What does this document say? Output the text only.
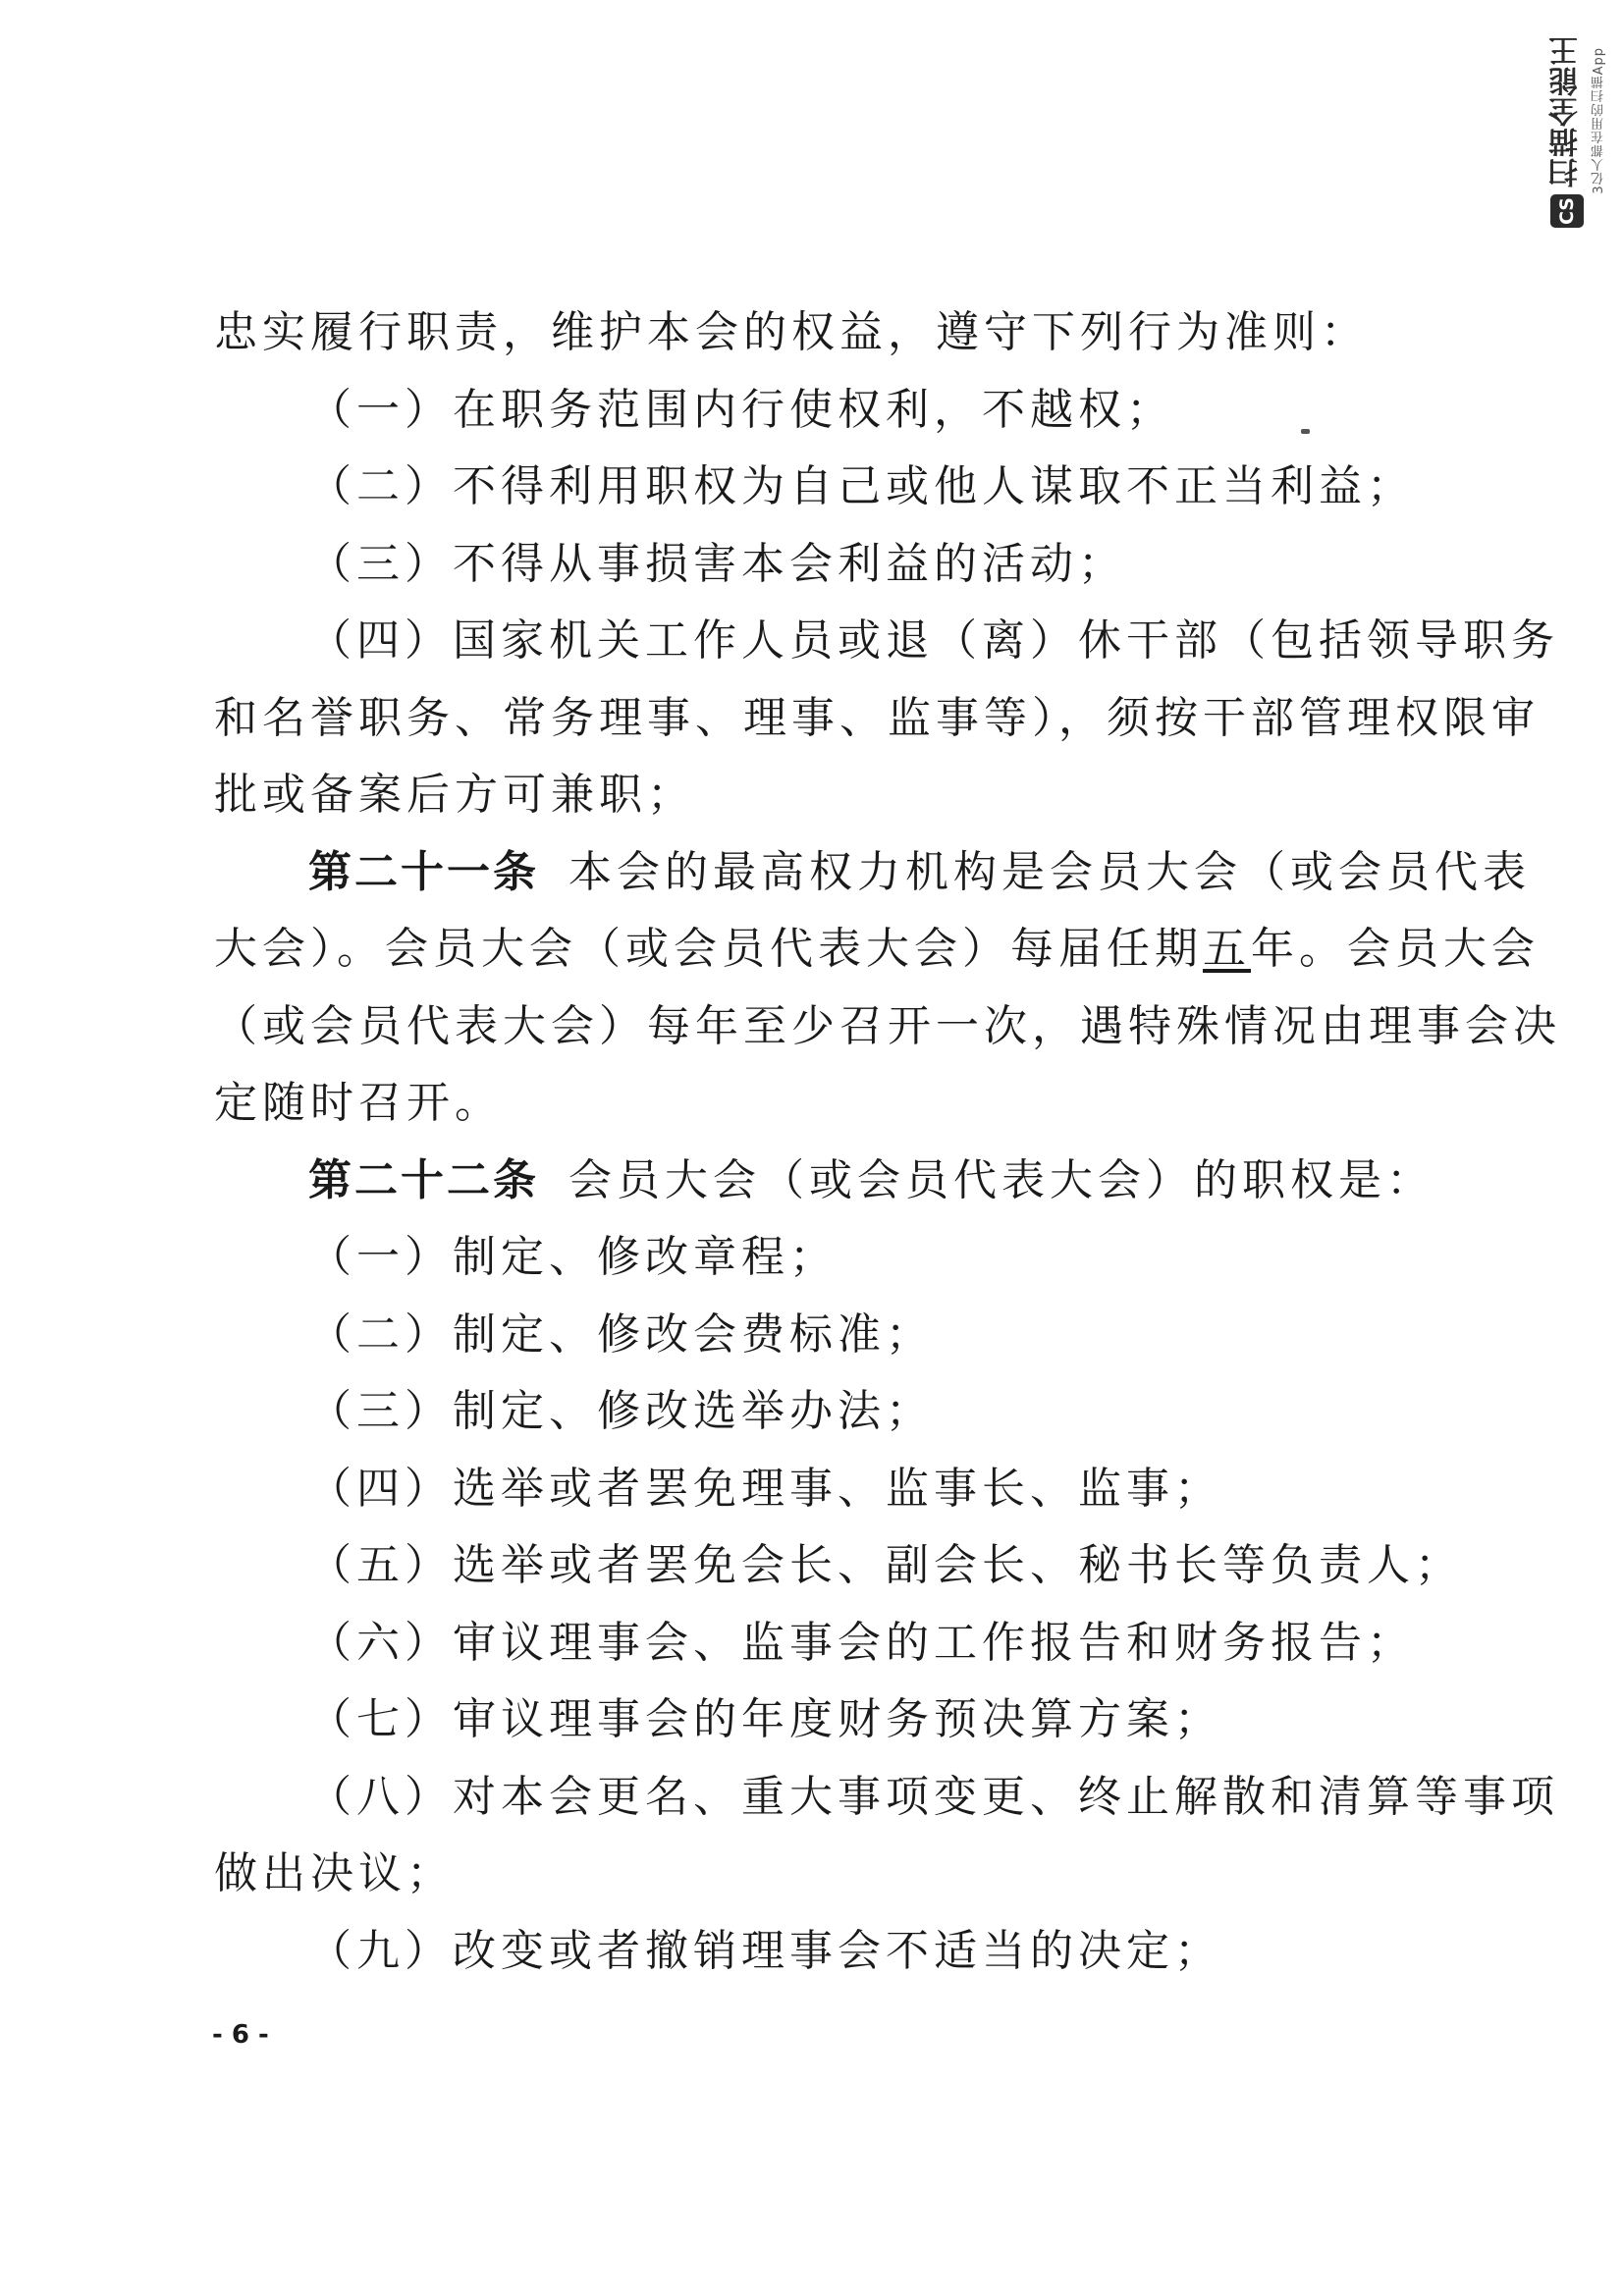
CS
扫描全能王 3亿人都在用的扫描App
忠实履行职责，维护本会的权益，遵守下列行为准则：
（一）在职务范围内行使权利，不越权；
（二）不得利用职权为自己或他人谋取不正当利益；
（三）不得从事损害本会利益的活动；
（四）国家机关工作人员或退（离）休干部（包括领导职务
和名誉职务、常务理事、理事、监事等），须按干部管理权限审
批或备案后方可兼职；
第二十一条 本会的最高权力机构是会员大会（或会员代表
大会）。会员大会（或会员代表大会）每届任期五年。会员大会
（或会员代表大会）每年至少召开一次，遇特殊情况由理事会决
定随时召开。
第二十二条 会员大会（或会员代表大会）的职权是：
（一）制定、修改章程；
（二）制定、修改会费标准；
（三）制定、修改选举办法；
（四）选举或者罢免理事、监事长、监事；
（五）选举或者罢免会长、副会长、秘书长等负责人；
（六）审议理事会、监事会的工作报告和财务报告；
（七）审议理事会的年度财务预决算方案；
（八）对本会更名、重大事项变更、终止解散和清算等事项
做出决议；
（九）改变或者撤销理事会不适当的决定；
- 6 -
